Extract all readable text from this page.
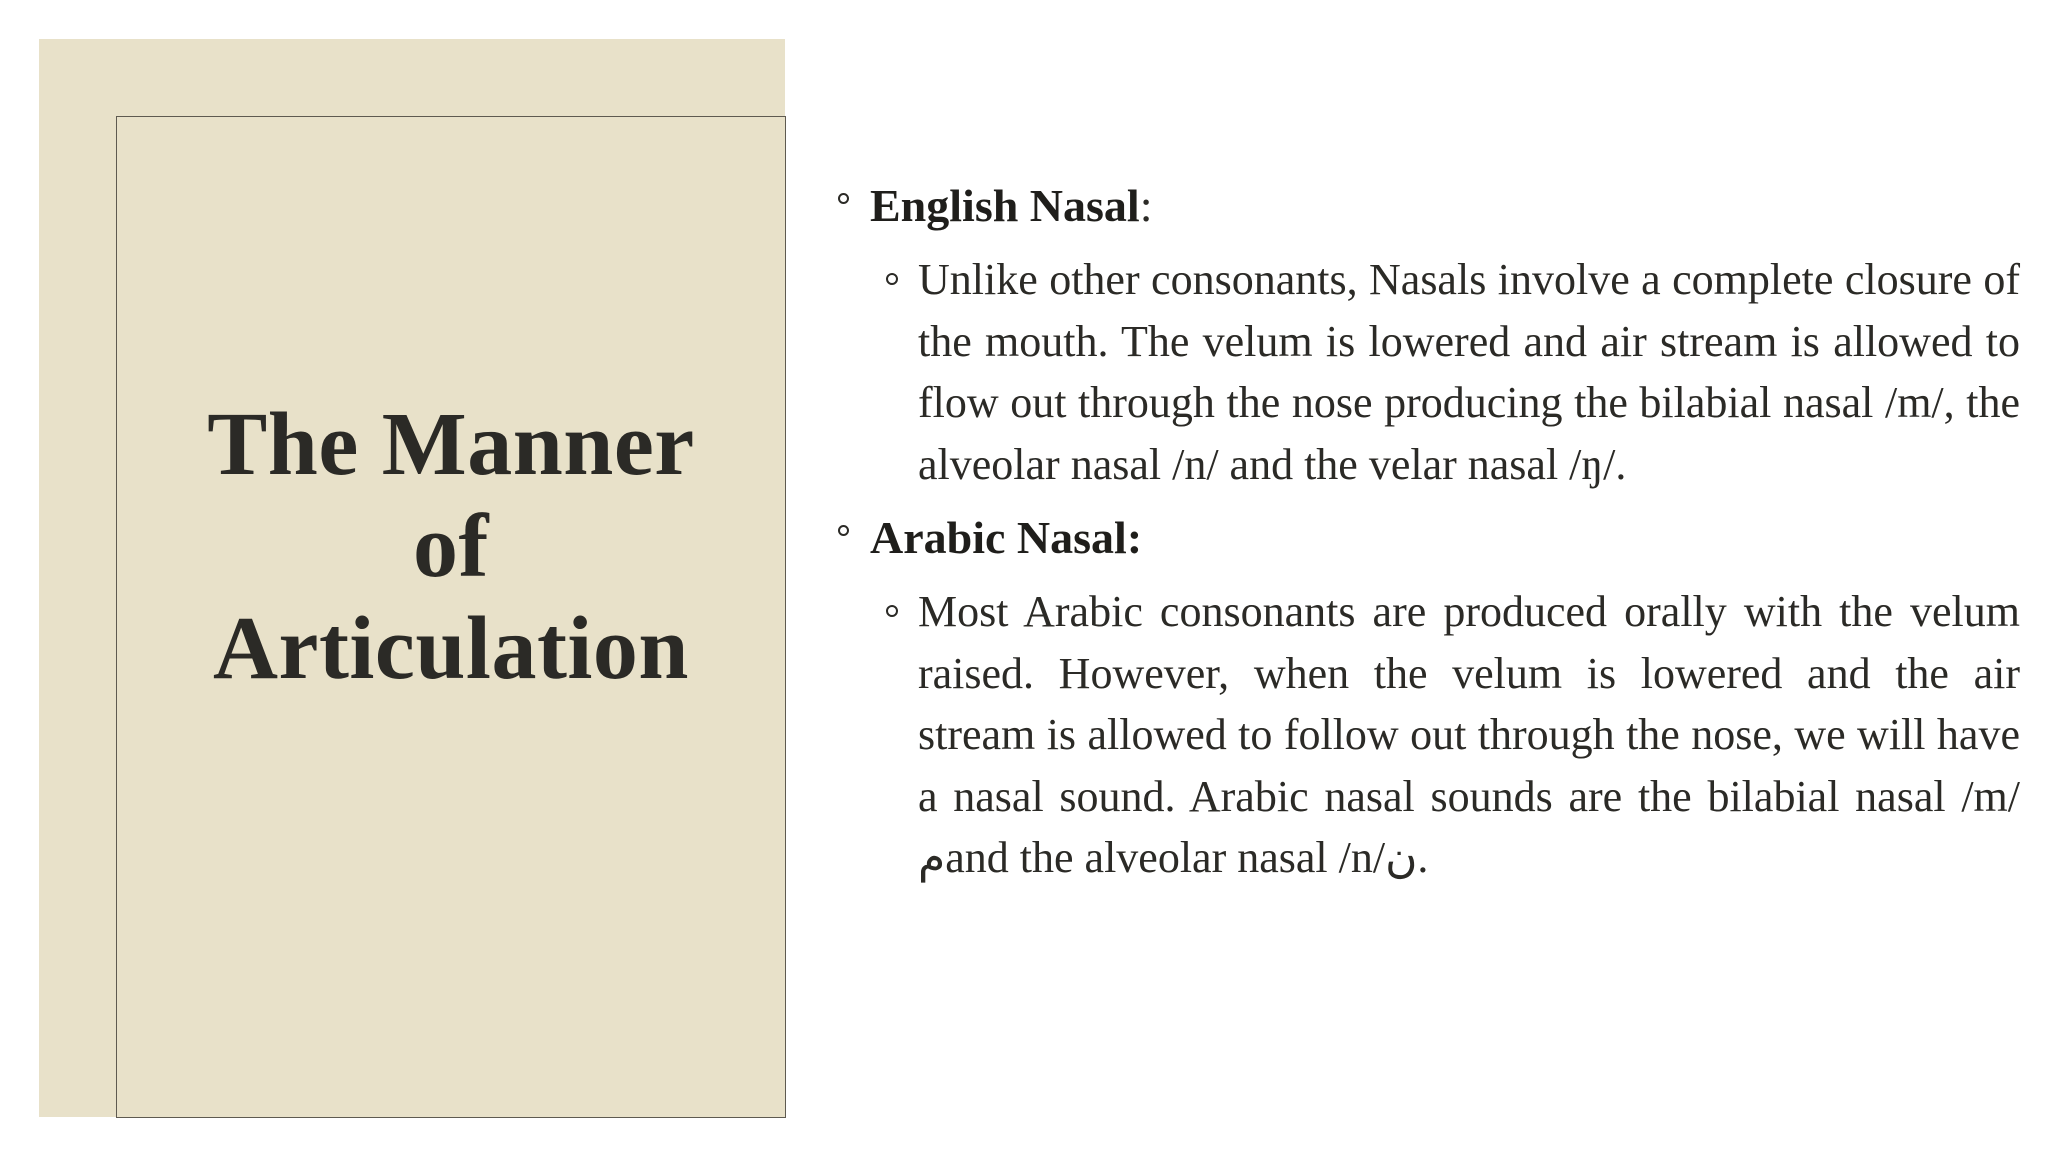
The Manner
of
Articulation
English Nasal:

Unlike other consonants, Nasals involve a complete closure of the mouth. The velum is lowered and air stream is allowed to flow out through the nose producing the bilabial nasal /m/, the alveolar nasal /n/ and the velar nasal /ŋ/.

Arabic Nasal:

Most Arabic consonants are produced orally with the velum raised. However, when the velum is lowered and the air stream is allowed to follow out through the nose, we will have a nasal sound. Arabic nasal sounds are the bilabial nasal /m/ مand the alveolar nasal /n/ن.
